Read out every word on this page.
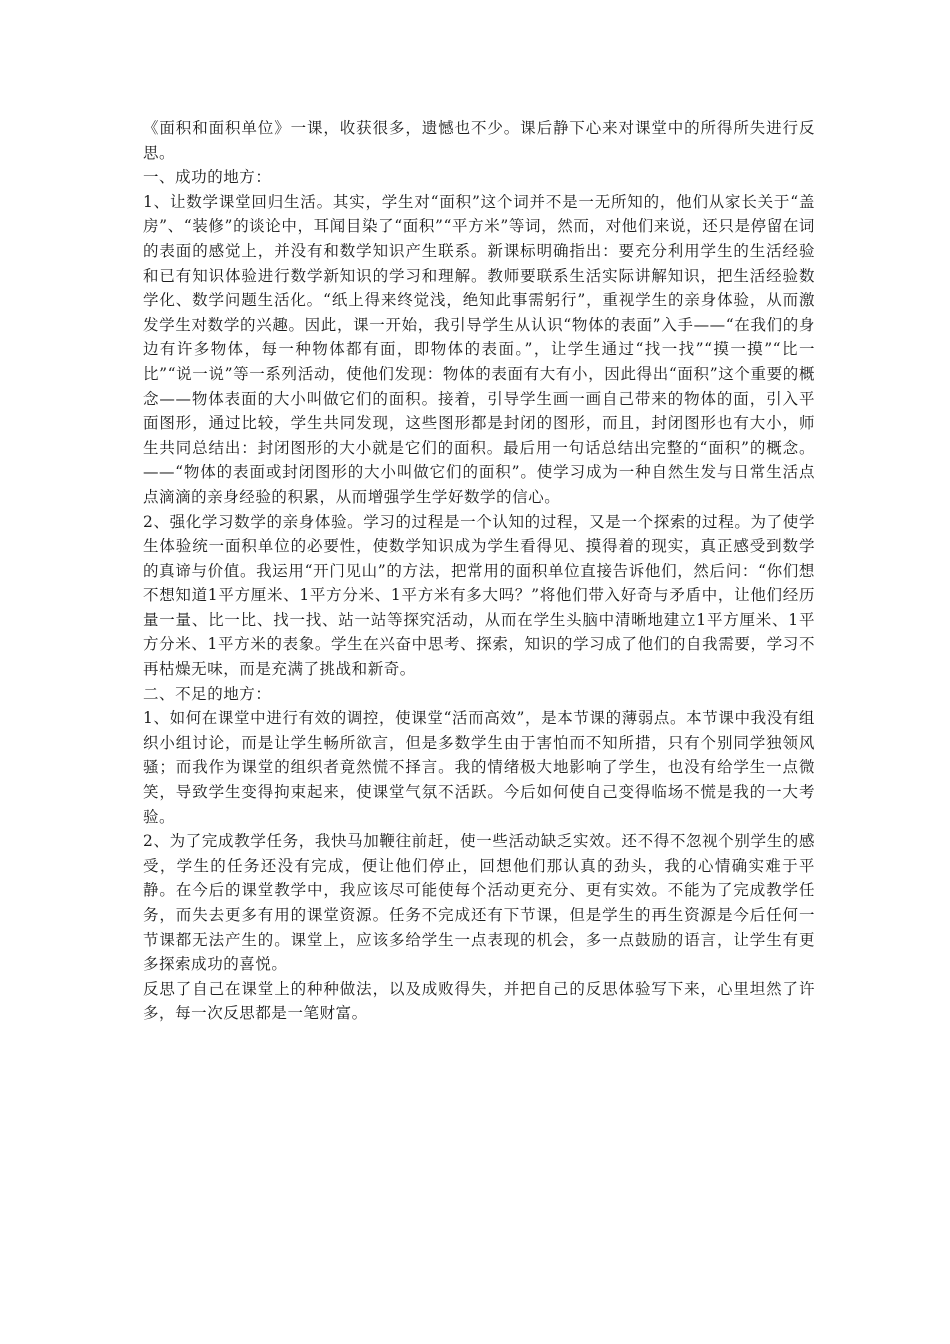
《面积和面积单位》一课，收获很多，遗憾也不少。课后静下心来对课堂中的所得所失进行反思。

一、成功的地方：

1、让数学课堂回归生活。其实，学生对“面积”这个词并不是一无所知的，他们从家长关于“盖房”、“装修”的谈论中，耳闻目染了“面积”“平方米”等词，然而，对他们来说，还只是停留在词的表面的感觉上，并没有和数学知识产生联系。新课标明确指出：要充分利用学生的生活经验和已有知识体验进行数学新知识的学习和理解。教师要联系生活实际讲解知识，把生活经验数学化、数学问题生活化。“纸上得来终觉浅，绝知此事需躬行”，重视学生的亲身体验，从而激发学生对数学的兴趣。因此，课一开始，我引导学生从认识“物体的表面”入手——“在我们的身边有许多物体，每一种物体都有面，即物体的表面。”，让学生通过“找一找”“摸一摸”“比一比”“说一说”等一系列活动，使他们发现：物体的表面有大有小，因此得出“面积”这个重要的概念——物体表面的大小叫做它们的面积。接着，引导学生画一画自己带来的物体的面，引入平面图形，通过比较，学生共同发现，这些图形都是封闭的图形，而且，封闭图形也有大小，师生共同总结出：封闭图形的大小就是它们的面积。最后用一句话总结出完整的“面积”的概念。——“物体的表面或封闭图形的大小叫做它们的面积”。使学习成为一种自然生发与日常生活点点滴滴的亲身经验的积累，从而增强学生学好数学的信心。

2、强化学习数学的亲身体验。学习的过程是一个认知的过程，又是一个探索的过程。为了使学生体验统一面积单位的必要性，使数学知识成为学生看得见、摸得着的现实，真正感受到数学的真谛与价值。我运用“开门见山”的方法，把常用的面积单位直接告诉他们，然后问：“你们想不想知道1平方厘米、1平方分米、1平方米有多大吗？”将他们带入好奇与矛盾中，让他们经历量一量、比一比、找一找、站一站等探究活动，从而在学生头脑中清晰地建立1平方厘米、1平方分米、1平方米的表象。学生在兴奋中思考、探索，知识的学习成了他们的自我需要，学习不再枯燥无味，而是充满了挑战和新奇。

二、不足的地方：

1、如何在课堂中进行有效的调控，使课堂“活而高效”，是本节课的薄弱点。本节课中我没有组织小组讨论，而是让学生畅所欲言，但是多数学生由于害怕而不知所措，只有个别同学独领风骚；而我作为课堂的组织者竟然慌不择言。我的情绪极大地影响了学生，也没有给学生一点微笑，导致学生变得拘束起来，使课堂气氛不活跃。今后如何使自己变得临场不慌是我的一大考验。

2、为了完成教学任务，我快马加鞭往前赶，使一些活动缺乏实效。还不得不忽视个别学生的感受，学生的任务还没有完成，便让他们停止，回想他们那认真的劲头，我的心情确实难于平静。在今后的课堂教学中，我应该尽可能使每个活动更充分、更有实效。不能为了完成教学任务，而失去更多有用的课堂资源。任务不完成还有下节课，但是学生的再生资源是今后任何一节课都无法产生的。课堂上，应该多给学生一点表现的机会，多一点鼓励的语言，让学生有更多探索成功的喜悦。

反思了自己在课堂上的种种做法，以及成败得失，并把自己的反思体验写下来，心里坦然了许多，每一次反思都是一笔财富。
